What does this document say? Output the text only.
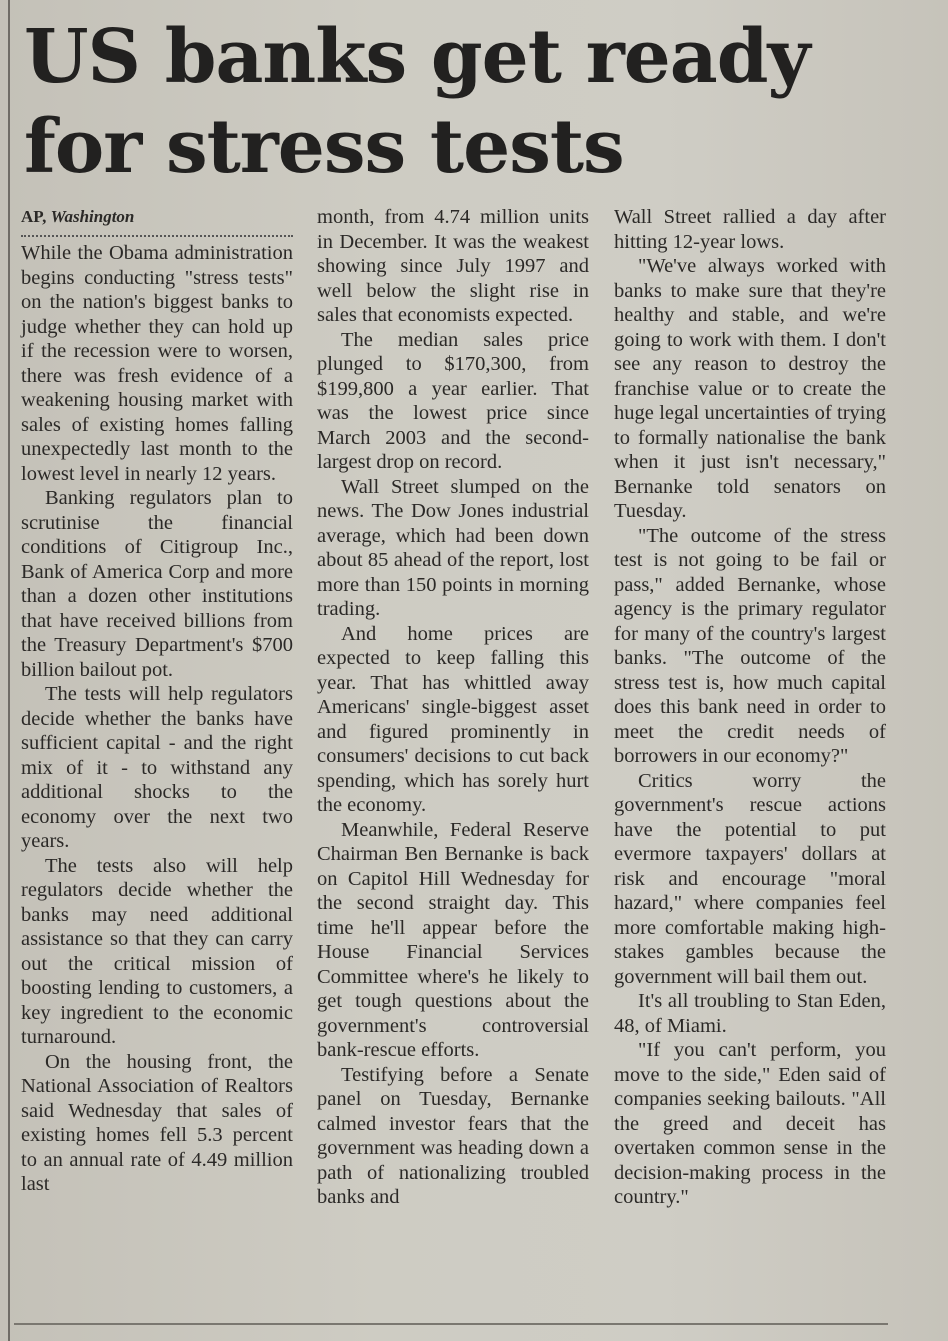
US banks get ready for stress tests
AP, Washington

While the Obama administration begins conducting "stress tests" on the nation's biggest banks to judge whether they can hold up if the recession were to worsen, there was fresh evidence of a weakening housing market with sales of existing homes falling unexpectedly last month to the lowest level in nearly 12 years.

Banking regulators plan to scrutinise the financial conditions of Citigroup Inc., Bank of America Corp and more than a dozen other institutions that have received billions from the Treasury Department's $700 billion bailout pot.

The tests will help regulators decide whether the banks have sufficient capital - and the right mix of it - to withstand any additional shocks to the economy over the next two years.

The tests also will help regulators decide whether the banks may need additional assistance so that they can carry out the critical mission of boosting lending to customers, a key ingredient to the economic turnaround.

On the housing front, the National Association of Realtors said Wednesday that sales of existing homes fell 5.3 percent to an annual rate of 4.49 million last

month, from 4.74 million units in December. It was the weakest showing since July 1997 and well below the slight rise in sales that economists expected.

The median sales price plunged to $170,300, from $199,800 a year earlier. That was the lowest price since March 2003 and the second-largest drop on record.

Wall Street slumped on the news. The Dow Jones industrial average, which had been down about 85 ahead of the report, lost more than 150 points in morning trading.

And home prices are expected to keep falling this year. That has whittled away Americans' single-biggest asset and figured prominently in consumers' decisions to cut back spending, which has sorely hurt the economy.

Meanwhile, Federal Reserve Chairman Ben Bernanke is back on Capitol Hill Wednesday for the second straight day. This time he'll appear before the House Financial Services Committee where's he likely to get tough questions about the government's controversial bank-rescue efforts.

Testifying before a Senate panel on Tuesday, Bernanke calmed investor fears that the government was heading down a path of nationalizing troubled banks and

Wall Street rallied a day after hitting 12-year lows.

"We've always worked with banks to make sure that they're healthy and stable, and we're going to work with them. I don't see any reason to destroy the franchise value or to create the huge legal uncertainties of trying to formally nationalise the bank when it just isn't necessary," Bernanke told senators on Tuesday.

"The outcome of the stress test is not going to be fail or pass," added Bernanke, whose agency is the primary regulator for many of the country's largest banks. "The outcome of the stress test is, how much capital does this bank need in order to meet the credit needs of borrowers in our economy?"

Critics worry the government's rescue actions have the potential to put evermore taxpayers' dollars at risk and encourage "moral hazard," where companies feel more comfortable making high-stakes gambles because the government will bail them out.

It's all troubling to Stan Eden, 48, of Miami.

"If you can't perform, you move to the side," Eden said of companies seeking bailouts. "All the greed and deceit has overtaken common sense in the decision-making process in the country."
